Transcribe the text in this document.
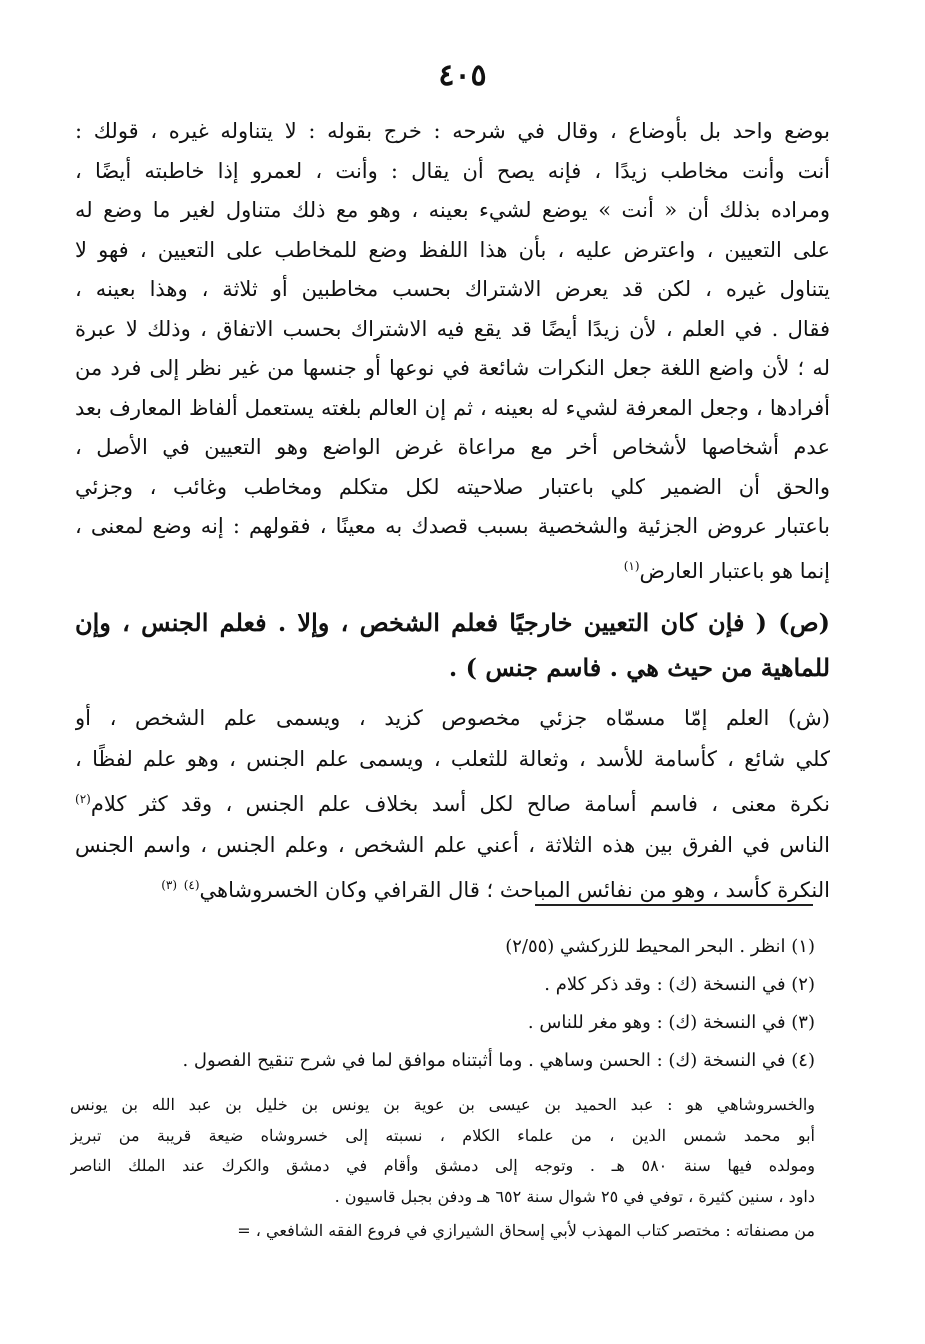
٤٠٥
بوضع واحد بل بأوضاع ، وقال في شرحه : خرج بقوله : لا يتناوله غيره ، قولك :
أنت وأنت مخاطب زيدًا ، فإنه يصح أن يقال : وأنت ، لعمرو إذا خاطبته أيضًا ،
ومراده بذلك أن « أنت » يوضع لشيء بعينه ، وهو مع ذلك متناول لغير ما وضع له
على التعيين ، واعترض عليه ، بأن هذا اللفظ وضع للمخاطب على التعيين ، فهو لا
يتناول غيره ، لكن قد يعرض الاشتراك بحسب مخاطبين أو ثلاثة ، وهذا بعينه ،
فقال . في العلم ، لأن زيدًا أيضًا قد يقع فيه الاشتراك بحسب الاتفاق ، وذلك لا عبرة
له ؛ لأن واضع اللغة جعل النكرات شائعة في نوعها أو جنسها من غير نظر إلى فرد من
أفرادها ، وجعل المعرفة لشيء له بعينه ، ثم إن العالم بلغته يستعمل ألفاظ المعارف بعد
عدم أشخاصها لأشخاص أخر مع مراعاة غرض الواضع وهو التعيين في الأصل ،
والحق أن الضمير كلي باعتبار صلاحيته لكل متكلم ومخاطب وغائب ، وجزئي
باعتبار عروض الجزئية والشخصية بسبب قصدك به معينًا ، فقولهم : إنه وضع لمعنى ،
إنما هو باعتبار العارض$^{(١)}$
(ص) ( فإن كان التعيين خارجيًا فعلم الشخص ، وإلا . فعلم الجنس ، وإن
للماهية من حيث هي . فاسم جنس ) .
(ش) العلم إمّا مسمّاه جزئي مخصوص كزيد ، ويسمى علم الشخص ، أو
كلي شائع ، كأسامة للأسد ، وثعالة للثعلب ، ويسمى علم الجنس ، وهو علم لفظًا ،
نكرة معنى ، فاسم أسامة صالح لكل أسد بخلاف علم الجنس ، وقد كثر كلام$^{(٢)}$
الناس في الفرق بين هذه الثلاثة ، أعني علم الشخص ، وعلم الجنس ، واسم الجنس
النكرة كأسد ، وهو من نفائس المباحث ؛ قال القرافي وكان الخسروشاهي$^{(٤)}$ $^{(٣)}$
(١) انظر . البحر المحيط للزركشي (٢/٥٥)
(٢) في النسخة (ك) : وقد ذكر كلام .
(٣) في النسخة (ك) : وهو مغر للناس .
(٤) في النسخة (ك) : الحسن وساهي . وما أثبتناه موافق لما في شرح تنقيح الفصول .
والخسروشاهي هو : عبد الحميد بن عيسى بن عوية بن يونس بن خليل بن عبد الله بن يونس
أبو محمد شمس الدين ، من علماء الكلام ، نسبته إلى خسروشاه ضيعة قريبة من تبريز
ومولده فيها سنة ٥٨٠ هـ . وتوجه إلى دمشق وأقام في دمشق والكرك عند الملك الناصر
داود ، سنين كثيرة ، توفي في ٢٥ شوال سنة ٦٥٢ هـ ودفن بجبل قاسيون .
من مصنفاته : مختصر كتاب المهذب لأبي إسحاق الشيرازي في فروع الفقه الشافعي ، =
